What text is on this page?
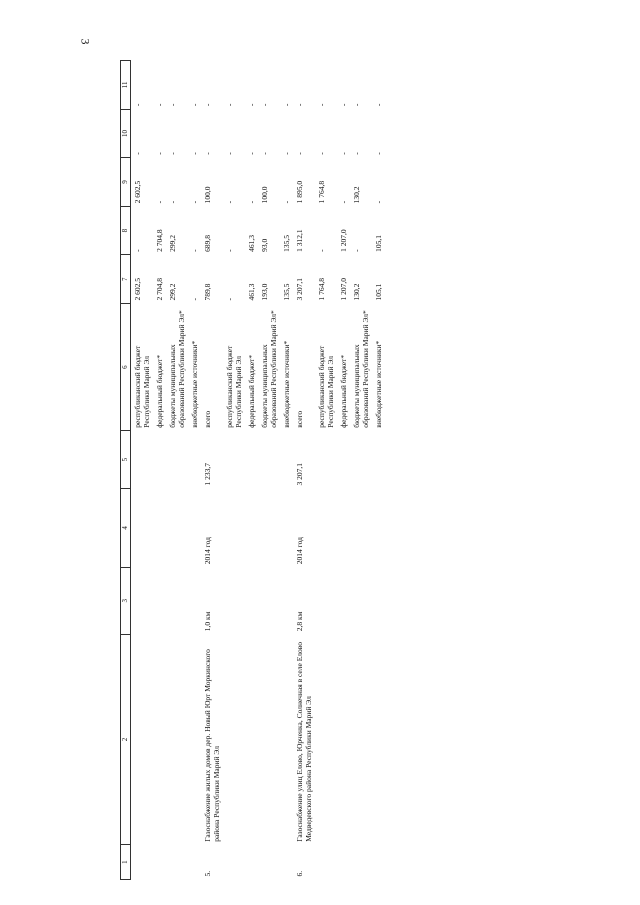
3
1	2	3	4	5	6	7	8	9	10	11
					республиканский бюджет Республики Марий Эл	2 602,5	-	2 602,5	-	-
					федеральный бюджет*	2 704,8	2 704,8	-	-	-
					бюджеты муниципальных образований Республики Марий Эл*	299,2	299,2	-	-	-
					внебюджетные источники*	-	-	-	-	-
5.	Газоснабжение жилых домов дер. Новый Юрт Моркинского района Республики Марий Эл	1,0 км	2014 год	1 233,7	всего	789,8	689,8	100,0	-	-
					республиканский бюджет Республики Марий Эл	-	-	-	-	-
					федеральный бюджет*	461,3	461,3	-	-	-
					бюджеты муниципальных образований Республики Марий Эл*	193,0	93,0	100,0	-	-
					внебюджетные источники*	135,5	135,5	-	-	-
6.	Газоснабжение улиц Елово, Юрченка, Солнечная в селе Елово Медведевского района Республики Марий Эл	2,8 км	2014 год	3 207,1	всего	3 207,1	1 312,1	1 895,0	-	-
					республиканский бюджет Республики Марий Эл	1 764,8	-	1 764,8	-	-
					федеральный бюджет*	1 207,0	1 207,0	-	-	-
					бюджеты муниципальных образований Республики Марий Эл*	130,2	-	130,2	-	-
					внебюджетные источники*	105,1	105,1	-	-	-
